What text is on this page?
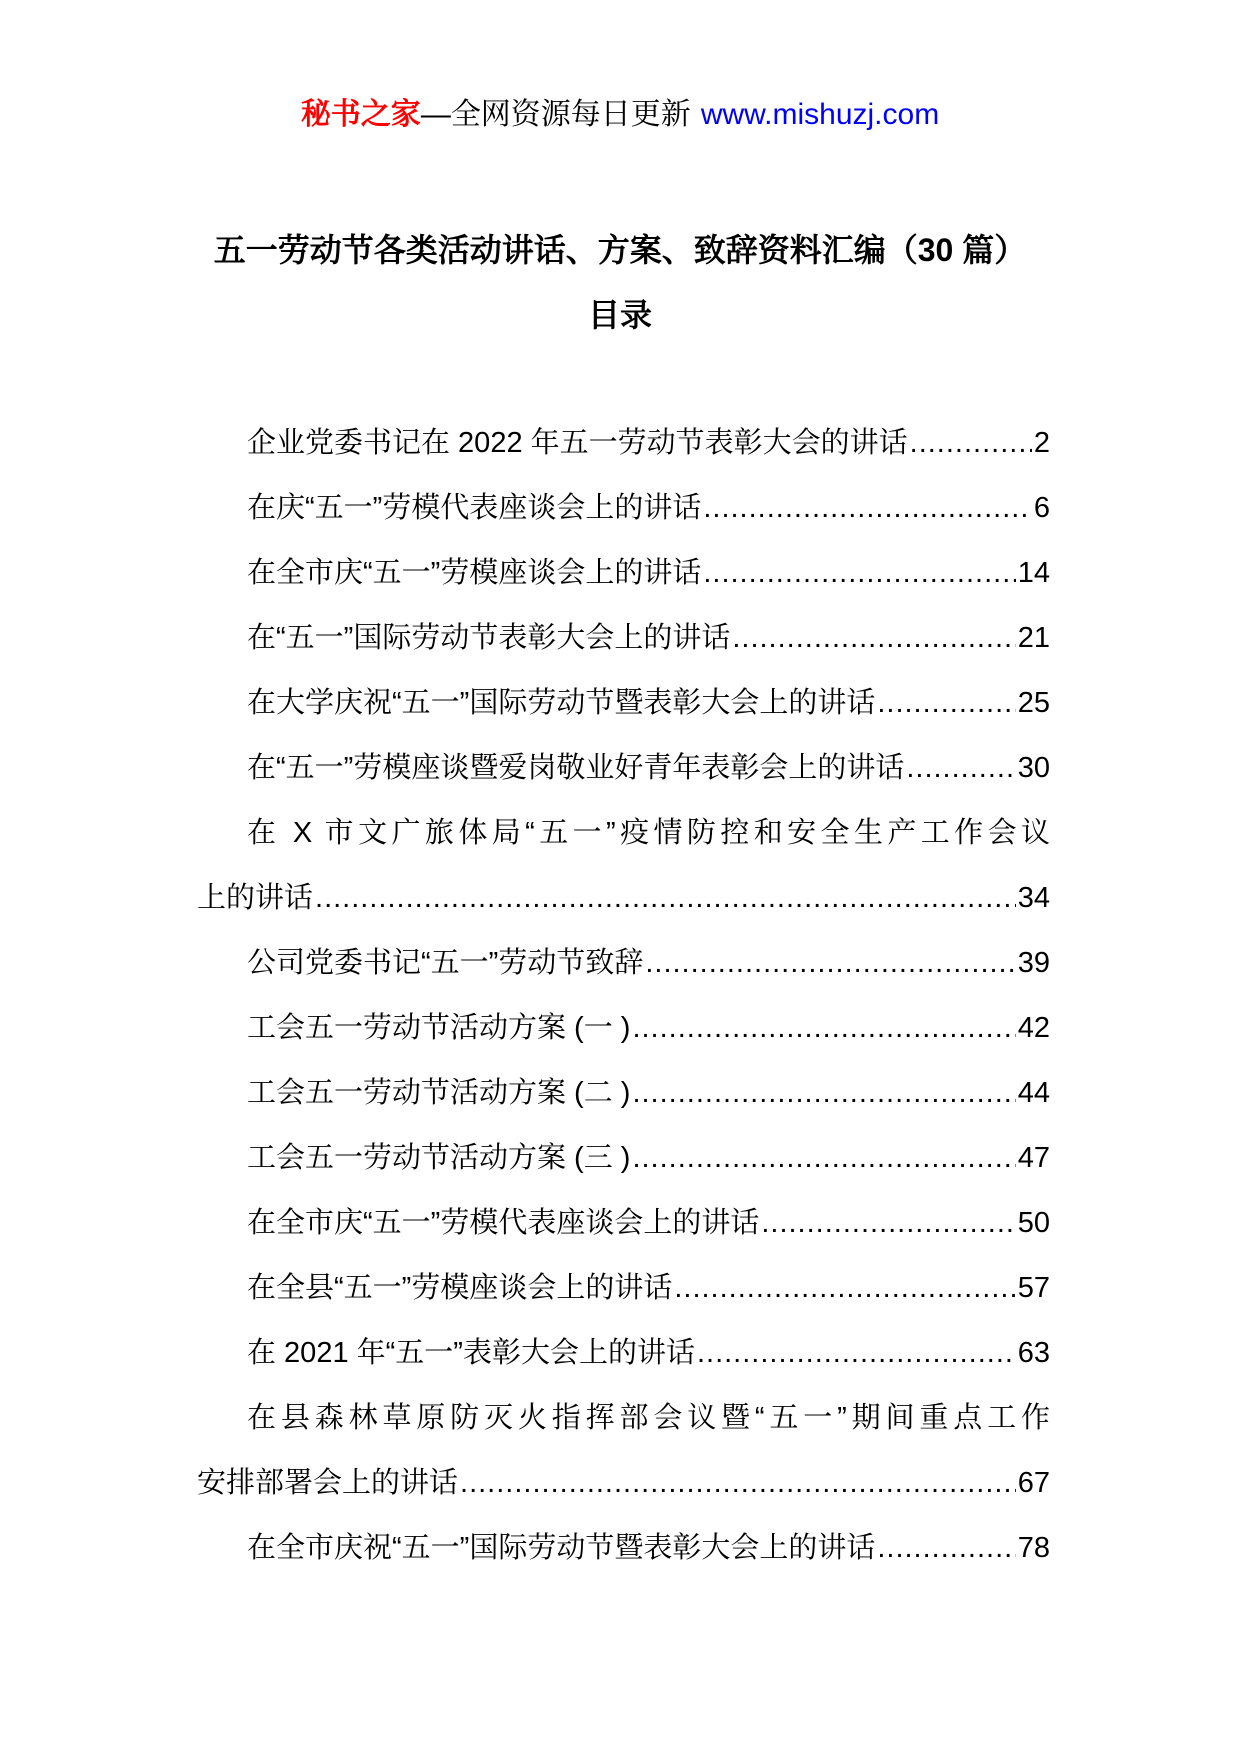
秘书之家—全网资源每日更新 www.mishuzj.com
五一劳动节各类活动讲话、方案、致辞资料汇编（30 篇）
目录
企业党委书记在 2022 年五一劳动节表彰大会的讲话 .....	2
在庆“五一”劳模代表座谈会上的讲话 .....	6
在全市庆“五一”劳模座谈会上的讲话 .....	14
在“五一”国际劳动节表彰大会上的讲话 .....	21
在大学庆祝“五一”国际劳动节暨表彰大会上的讲话 .....	25
在“五一”劳模座谈暨爱岗敬业好青年表彰会上的讲话 .....	30
在 X 市文广旅体局“五一”疫情防控和安全生产工作会议
上的讲话 .....	34
公司党委书记“五一”劳动节致辞 .....	39
工会五一劳动节活动方案 (一 ) .....	42
工会五一劳动节活动方案 (二 ) .....	44
工会五一劳动节活动方案 (三 ) .....	47
在全市庆“五一”劳模代表座谈会上的讲话 .....	50
在全县“五一”劳模座谈会上的讲话 .....	57
在 2021 年“五一”表彰大会上的讲话 .....	63
在县森林草原防灭火指挥部会议暨“五一”期间重点工作
安排部署会上的讲话 .....	67
在全市庆祝“五一”国际劳动节暨表彰大会上的讲话 .....	78
